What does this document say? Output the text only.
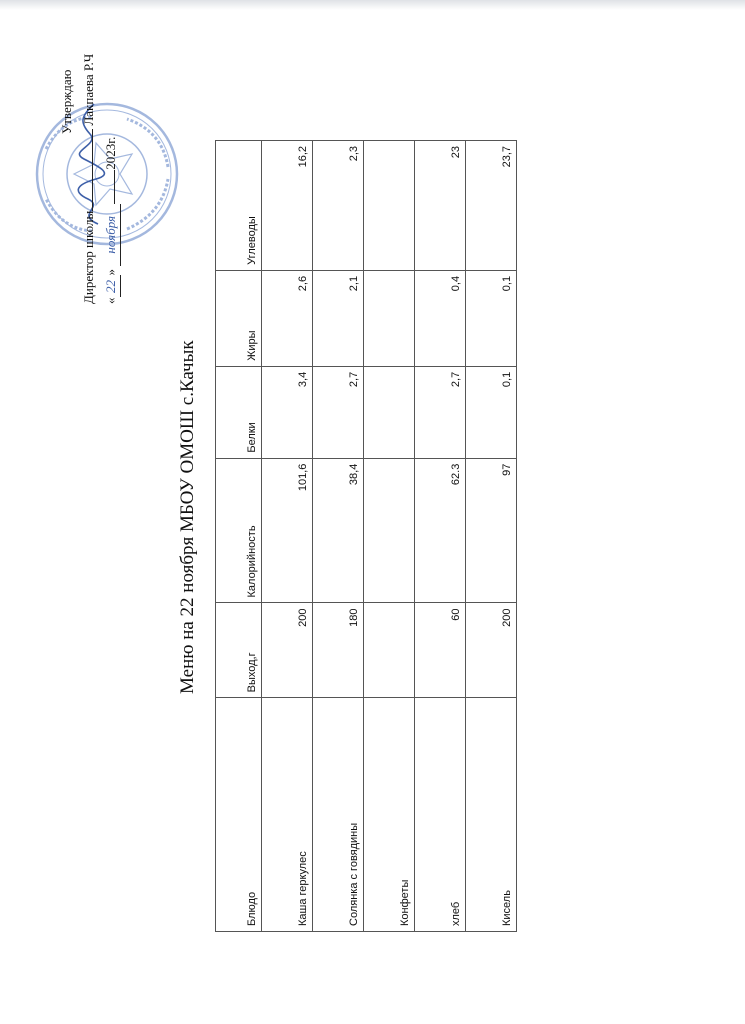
Утверждаю
Директор школы Лакпаева Р.Ч
«22» ноября2023г.
Меню на 22 ноября МБОУ ОМОШ с.Качык
Блюдо	Выход,г	Калорийность	Белки	Жиры	Углеводы
Каша геркулес	200	101,6	3,4	2,6	16,2
Солянка с говядины	180	38,4	2,7	2,1	2,3
Конфеты					
хлеб	60	62.3	2,7	0,4	23
Кисель	200	97	0,1	0,1	23,7
